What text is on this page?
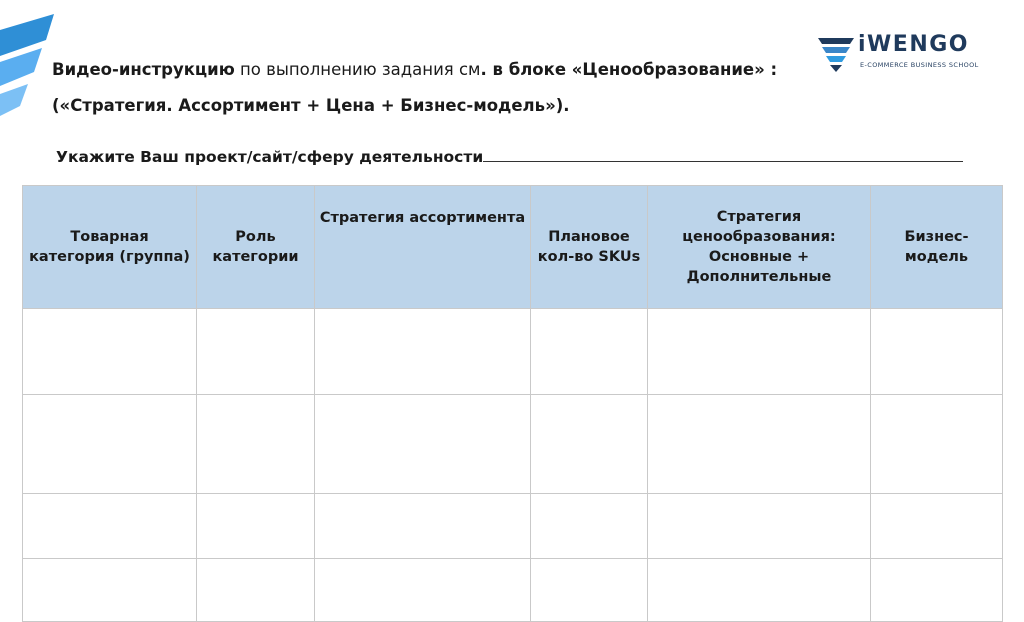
iWENGO
E-COMMERCE BUSINESS SCHOOL
Видео-инструкцию по выполнению задания см. в блоке «Ценообразование» :
(«Стратегия. Ассортимент + Цена + Бизнес-модель»).
Укажите Ваш проект/сайт/сферу деятельности
Товарная категория (группа)	Роль категории	Стратегия ассортимента	Плановое кол-во SKUs	Стратегия ценообразования: Основные + Дополнительные	Бизнес-модель
